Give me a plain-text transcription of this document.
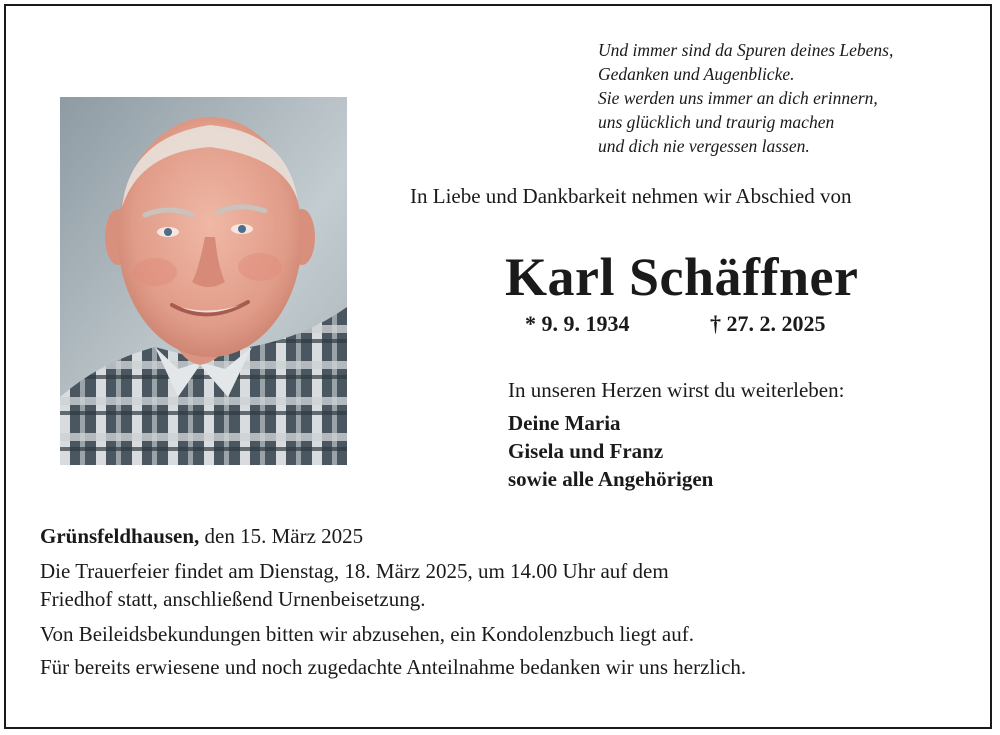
Und immer sind da Spuren deines Lebens,
Gedanken und Augenblicke.
Sie werden uns immer an dich erinnern,
uns glücklich und traurig machen
und dich nie vergessen lassen.
In Liebe und Dankbarkeit nehmen wir Abschied von
Karl Schäffner
* 9. 9. 1934	† 27. 2. 2025
In unseren Herzen wirst du weiterleben:
Deine Maria
Gisela und Franz
sowie alle Angehörigen
Grünsfeldhausen, den 15. März 2025
Die Trauerfeier findet am Dienstag, 18. März 2025, um 14.00 Uhr auf dem
Friedhof statt, anschließend Urnenbeisetzung.
Von Beileidsbekundungen bitten wir abzusehen, ein Kondolenzbuch liegt auf.
Für bereits erwiesene und noch zugedachte Anteilnahme bedanken wir uns herzlich.
